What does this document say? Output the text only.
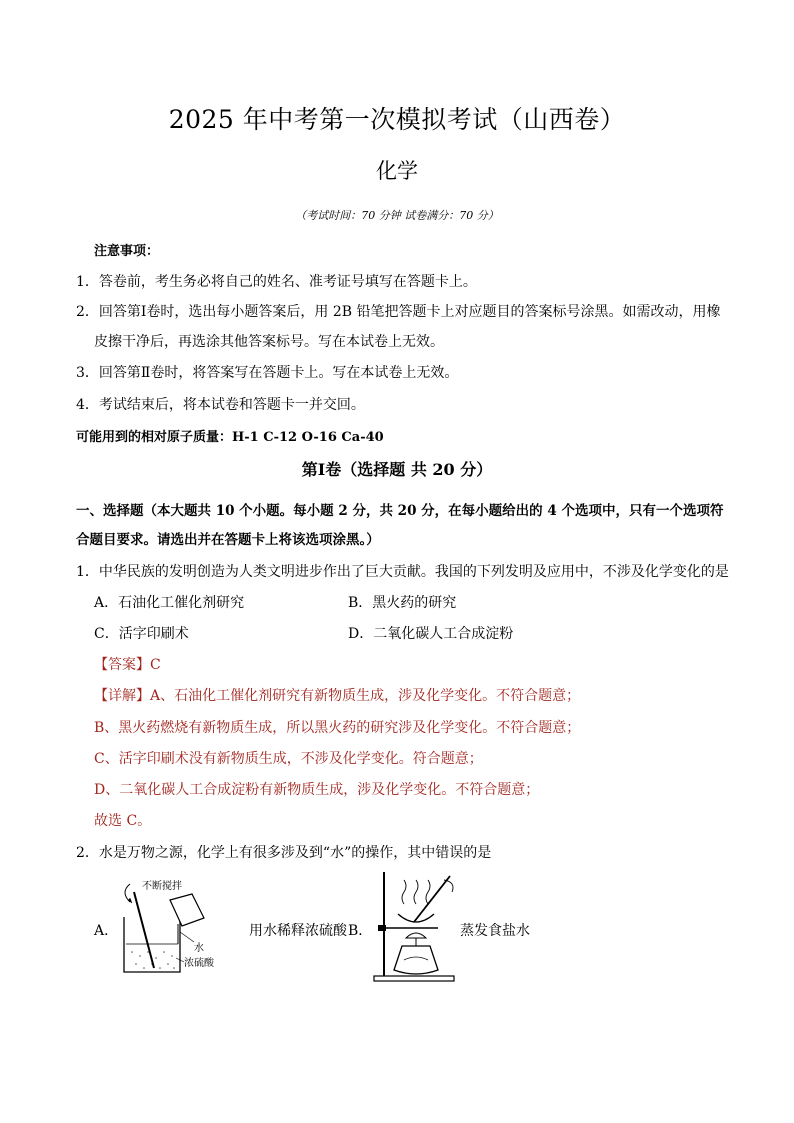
2025 年中考第一次模拟考试（山西卷）
化学
（考试时间：70 分钟 试卷满分：70 分）
注意事项：
1．答卷前，考生务必将自己的姓名、准考证号填写在答题卡上。
2．回答第Ⅰ卷时，选出每小题答案后，用 2B 铅笔把答题卡上对应题目的答案标号涂黑。如需改动，用橡
皮擦干净后，再选涂其他答案标号。写在本试卷上无效。
3．回答第Ⅱ卷时，将答案写在答题卡上。写在本试卷上无效。
4．考试结束后，将本试卷和答题卡一并交回。
可能用到的相对原子质量：H-1 C-12 O-16 Ca-40
第Ⅰ卷（选择题 共 20 分）
一、选择题（本大题共 10 个小题。每小题 2 分，共 20 分，在每小题给出的 4 个选项中，只有一个选项符
合题目要求。请选出并在答题卡上将该选项涂黑。）
1．中华民族的发明创造为人类文明进步作出了巨大贡献。我国的下列发明及应用中，不涉及化学变化的是
A．石油化工催化剂研究	B．黑火药的研究
C．活字印刷术	D．二氧化碳人工合成淀粉
【答案】C
【详解】A、石油化工催化剂研究有新物质生成，涉及化学变化。不符合题意；
B、黑火药燃烧有新物质生成，所以黑火药的研究涉及化学变化。不符合题意；
C、活字印刷术没有新物质生成，不涉及化学变化。符合题意；
D、二氧化碳人工合成淀粉有新物质生成，涉及化学变化。不符合题意；
故选 C。
2．水是万物之源，化学上有很多涉及到“水”的操作，其中错误的是
A．
不断搅拌
水
浓硫酸
用水稀释浓硫酸 B．	蒸发食盐水
